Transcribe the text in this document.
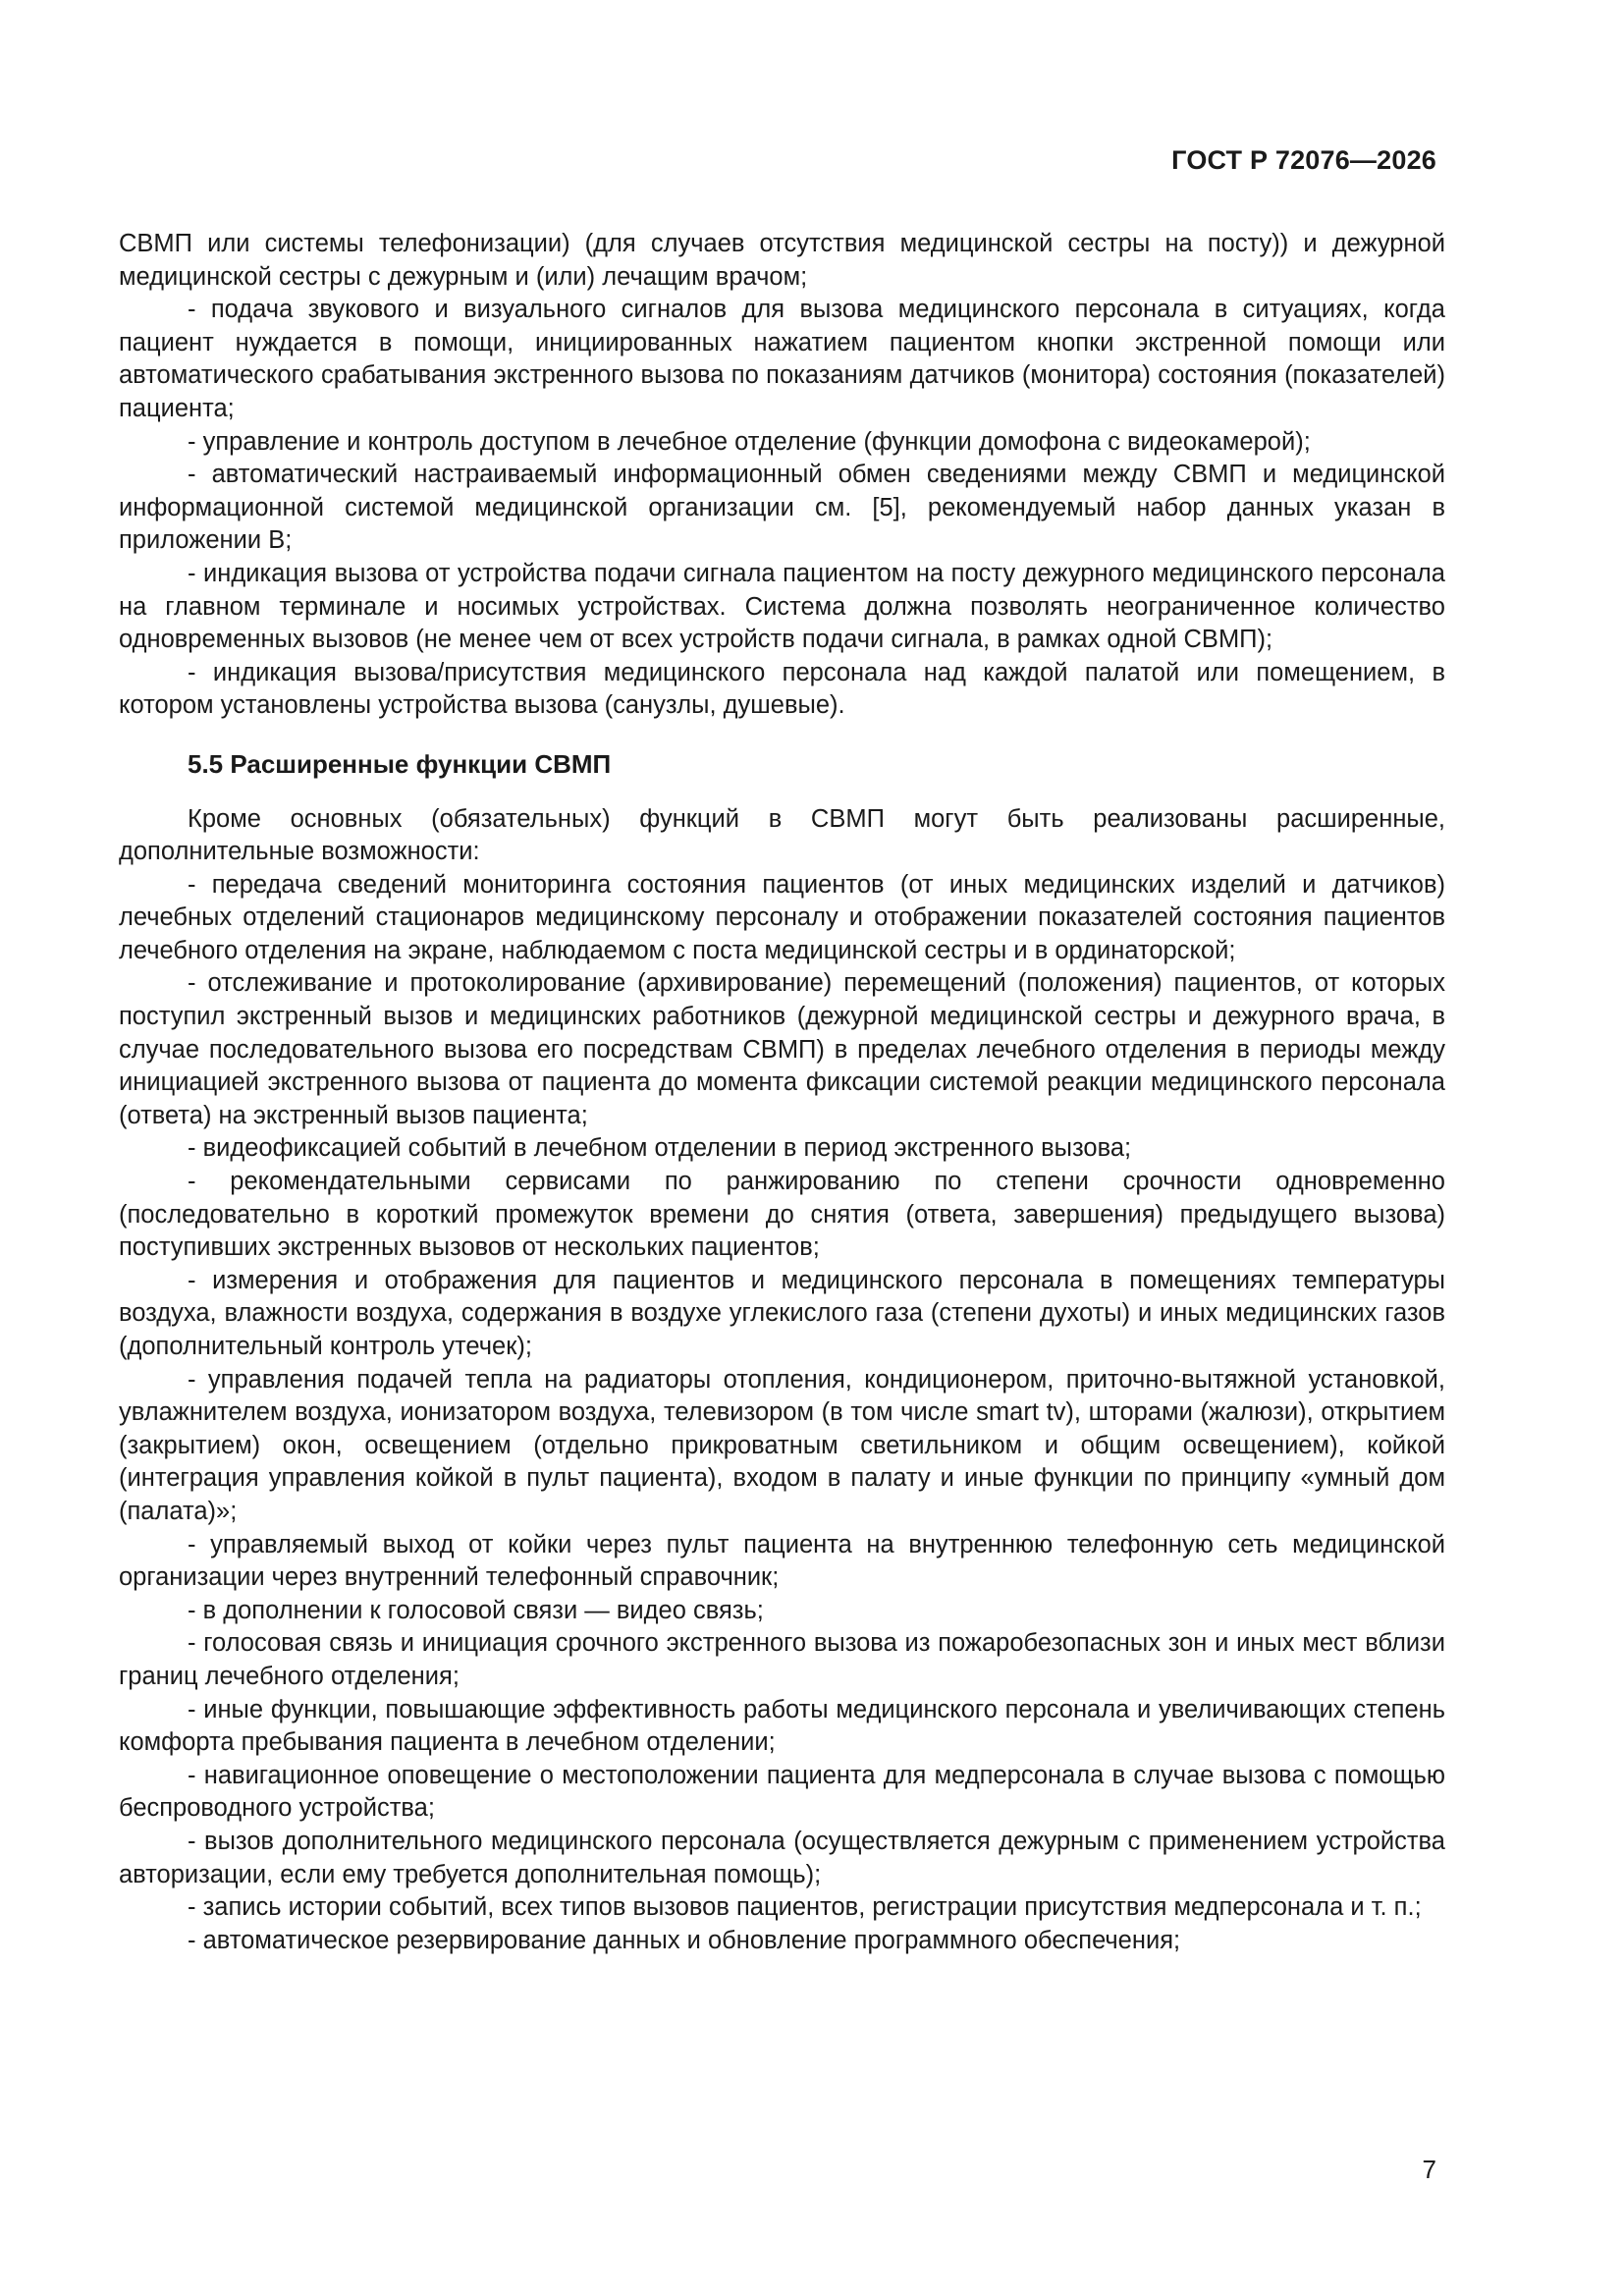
ГОСТ Р 72076—2026

СВМП или системы телефонизации) (для случаев отсутствия медицинской сестры на посту)) и дежурной медицинской сестры с дежурным и (или) лечащим врачом;

- подача звукового и визуального сигналов для вызова медицинского персонала в ситуациях, когда пациент нуждается в помощи, инициированных нажатием пациентом кнопки экстренной помощи или автоматического срабатывания экстренного вызова по показаниям датчиков (монитора) состояния (показателей) пациента;

- управление и контроль доступом в лечебное отделение (функции домофона с видеокамерой);

- автоматический настраиваемый информационный обмен сведениями между СВМП и медицинской информационной системой медицинской организации см. [5], рекомендуемый набор данных указан в приложении В;

- индикация вызова от устройства подачи сигнала пациентом на посту дежурного медицинского персонала на главном терминале и носимых устройствах. Система должна позволять неограниченное количество одновременных вызовов (не менее чем от всех устройств подачи сигнала, в рамках одной СВМП);

- индикация вызова/присутствия медицинского персонала над каждой палатой или помещением, в котором установлены устройства вызова (санузлы, душевые).

5.5 Расширенные функции СВМП

Кроме основных (обязательных) функций в СВМП могут быть реализованы расширенные, дополнительные возможности:

- передача сведений мониторинга состояния пациентов (от иных медицинских изделий и датчиков) лечебных отделений стационаров медицинскому персоналу и отображении показателей состояния пациентов лечебного отделения на экране, наблюдаемом с поста медицинской сестры и в ординаторской;

- отслеживание и протоколирование (архивирование) перемещений (положения) пациентов, от которых поступил экстренный вызов и медицинских работников (дежурной медицинской сестры и дежурного врача, в случае последовательного вызова его посредствам СВМП) в пределах лечебного отделения в периоды между инициацией экстренного вызова от пациента до момента фиксации системой реакции медицинского персонала (ответа) на экстренный вызов пациента;

- видеофиксацией событий в лечебном отделении в период экстренного вызова;

- рекомендательными сервисами по ранжированию по степени срочности одновременно (последовательно в короткий промежуток времени до снятия (ответа, завершения) предыдущего вызова) поступивших экстренных вызовов от нескольких пациентов;

- измерения и отображения для пациентов и медицинского персонала в помещениях температуры воздуха, влажности воздуха, содержания в воздухе углекислого газа (степени духоты) и иных медицинских газов (дополнительный контроль утечек);

- управления подачей тепла на радиаторы отопления, кондиционером, приточно-вытяжной установкой, увлажнителем воздуха, ионизатором воздуха, телевизором (в том числе smart tv), шторами (жалюзи), открытием (закрытием) окон, освещением (отдельно прикроватным светильником и общим освещением), койкой (интеграция управления койкой в пульт пациента), входом в палату и иные функции по принципу «умный дом (палата)»;

- управляемый выход от койки через пульт пациента на внутреннюю телефонную сеть медицинской организации через внутренний телефонный справочник;

- в дополнении к голосовой связи — видео связь;

- голосовая связь и инициация срочного экстренного вызова из пожаробезопасных зон и иных мест вблизи границ лечебного отделения;

- иные функции, повышающие эффективность работы медицинского персонала и увеличивающих степень комфорта пребывания пациента в лечебном отделении;

- навигационное оповещение о местоположении пациента для медперсонала в случае вызова с помощью беспроводного устройства;

- вызов дополнительного медицинского персонала (осуществляется дежурным с применением устройства авторизации, если ему требуется дополнительная помощь);

- запись истории событий, всех типов вызовов пациентов, регистрации присутствия медперсонала и т. п.;

- автоматическое резервирование данных и обновление программного обеспечения;

7
